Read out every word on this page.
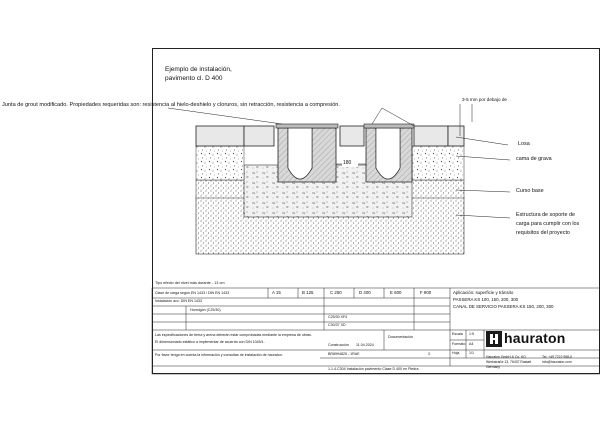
Ejemplo de instalación,
pavimento cl. D 400
Junta de grout modificado. Propiedades requeridas son: resistencia al hielo-deshielo y cloruros, sin retracción, resistencia a compresión.
180
3-5 mm por debajo de
Losa
cama de grava
Curso base
Estructura de soporte de
carga para cumplir con los
requisitos del proyecto
Tipo efecto del nivel más durante - 13 cm
Clase de carga según EN 1433 / DIN EN 1433	A 15	B 125	C 250	D 400	E 600	F 900
Instalación acc. DIN EN 1433
Hormigón (C25/30)
C25/30 XF4
C30/37 XD
Las especificaciones de tierra y arena deberán estar comprobadas mediante la empresa de obras.
El dimensionado estático a implementar de acuerdo con DIN 1045/1.
Por favor tenga en cuenta la información y consultas de instalación de hauraton.
Construcción 11.04.2024
Documentación
BR8994825 - 1RAE	3
1.1.4.C304 Instalación pavimento Clase D 400 en Piedra
Aplicación: superficie y tránsito
PASSERA KS 100, 150, 200, 300
CANAL DE SERVICIO PASSERA KS 150, 200, 300
Escala 1:5
Formato A4
Hoja	1/1
hauraton
Hauraton GmbH & Co. KG
Werkstraße 13, 76437 Rastatt
Germany
Tel. +49 7222 958-0
info@hauraton.com
